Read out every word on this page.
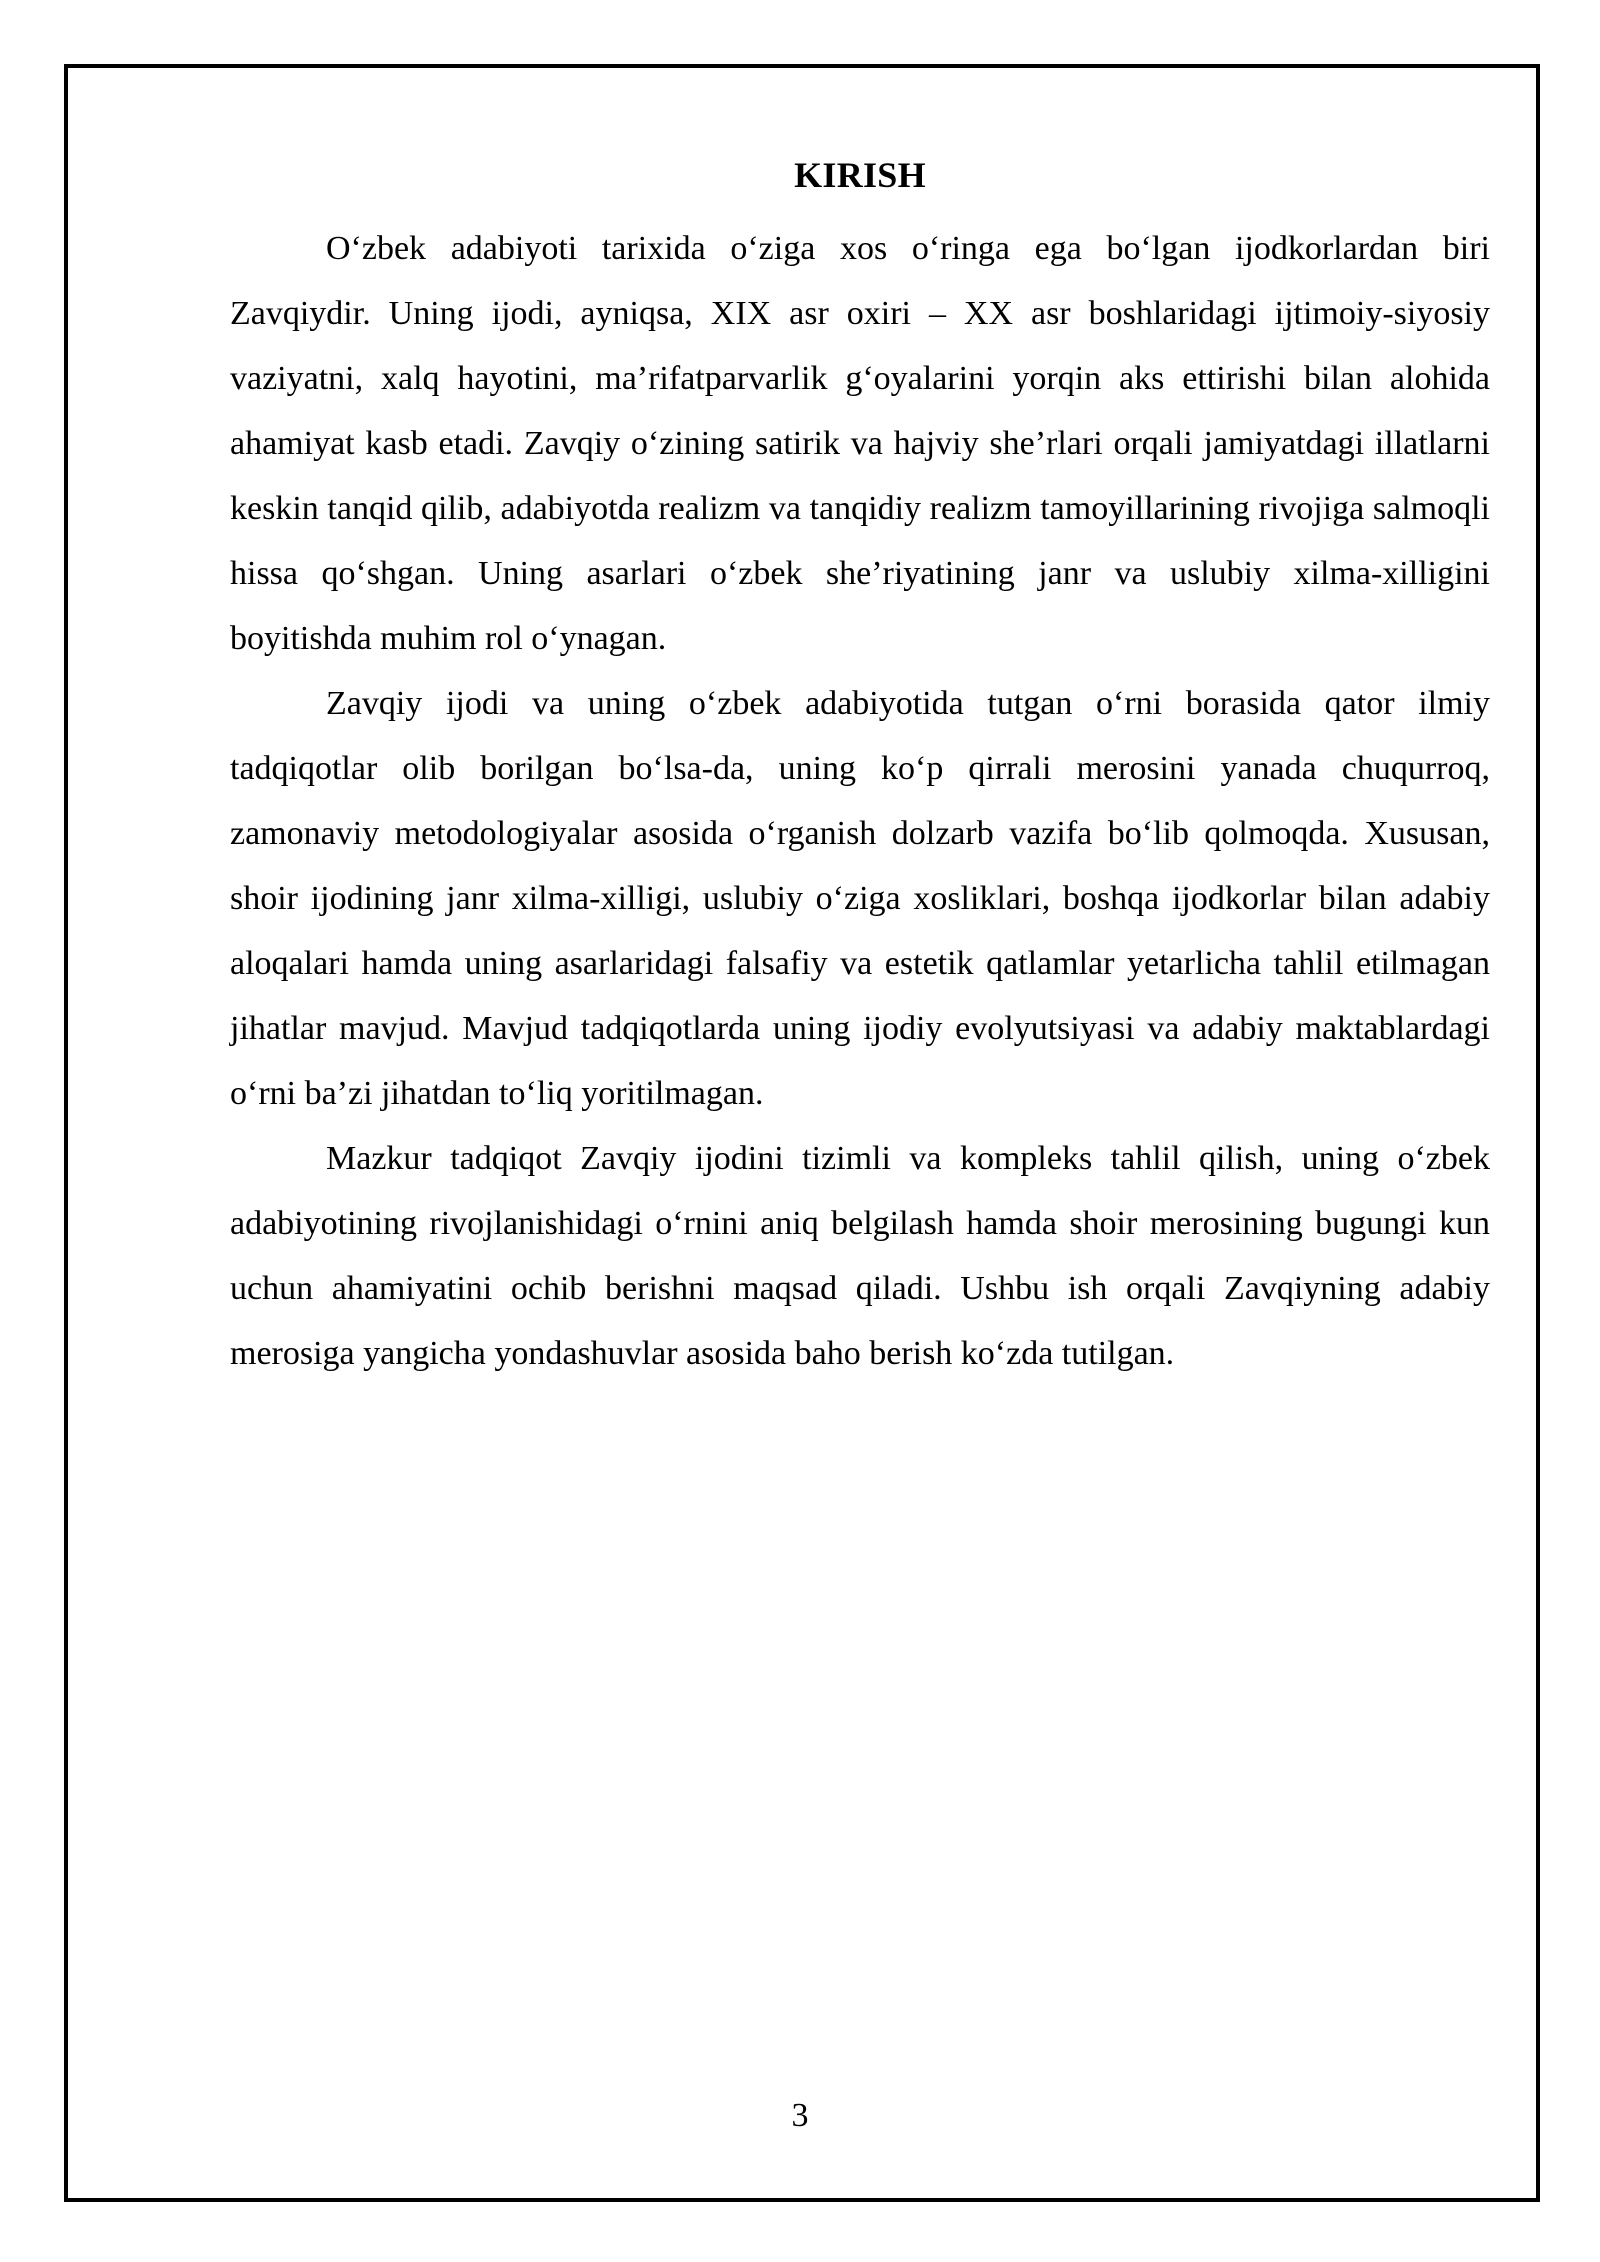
KIRISH

O‘zbek adabiyoti tarixida o‘ziga xos o‘ringa ega bo‘lgan ijodkorlardan biri Zavqiydir. Uning ijodi, ayniqsa, XIX asr oxiri – XX asr boshlaridagi ijtimoiy-siyosiy vaziyatni, xalq hayotini, ma’rifatparvarlik g‘oyalarini yorqin aks ettirishi bilan alohida ahamiyat kasb etadi. Zavqiy o‘zining satirik va hajviy she’rlari orqali jamiyatdagi illatlarni keskin tanqid qilib, adabiyotda realizm va tanqidiy realizm tamoyillarining rivojiga salmoqli hissa qo‘shgan. Uning asarlari o‘zbek she’riyatining janr va uslubiy xilma-xilligini boyitishda muhim rol o‘ynagan.

Zavqiy ijodi va uning o‘zbek adabiyotida tutgan o‘rni borasida qator ilmiy tadqiqotlar olib borilgan bo‘lsa-da, uning ko‘p qirrali merosini yanada chuqurroq, zamonaviy metodologiyalar asosida o‘rganish dolzarb vazifa bo‘lib qolmoqda. Xususan, shoir ijodining janr xilma-xilligi, uslubiy o‘ziga xosliklari, boshqa ijodkorlar bilan adabiy aloqalari hamda uning asarlaridagi falsafiy va estetik qatlamlar yetarlicha tahlil etilmagan jihatlar mavjud. Mavjud tadqiqotlarda uning ijodiy evolyutsiyasi va adabiy maktablardagi o‘rni ba’zi jihatdan to‘liq yoritilmagan.

Mazkur tadqiqot Zavqiy ijodini tizimli va kompleks tahlil qilish, uning o‘zbek adabiyotining rivojlanishidagi o‘rnini aniq belgilash hamda shoir merosining bugungi kun uchun ahamiyatini ochib berishni maqsad qiladi. Ushbu ish orqali Zavqiyning adabiy merosiga yangicha yondashuvlar asosida baho berish ko‘zda tutilgan.

3
